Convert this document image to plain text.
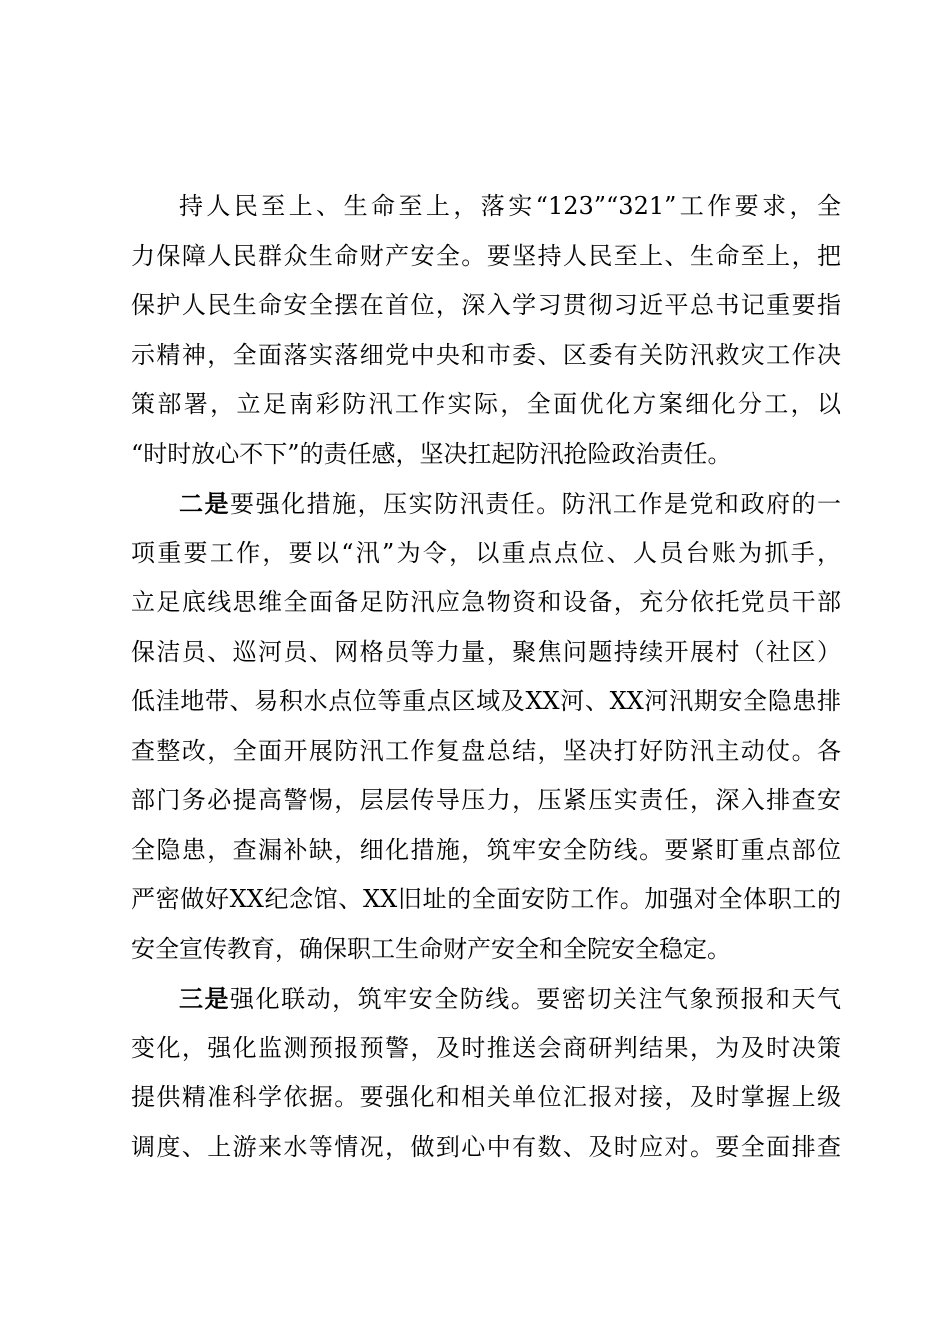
持人民至上、生命至上，落实“123”“321”工作要求，全
力保障人民群众生命财产安全。要坚持人民至上、生命至上，把
保护人民生命安全摆在首位，深入学习贯彻习近平总书记重要指
示精神，全面落实落细党中央和市委、区委有关防汛救灾工作决
策部署，立足南彩防汛工作实际，全面优化方案细化分工，以
“时时放心不下”的责任感，坚决扛起防汛抢险政治责任。
二是要强化措施，压实防汛责任。防汛工作是党和政府的一
项重要工作，要以“汛”为令，以重点点位、人员台账为抓手，
立足底线思维全面备足防汛应急物资和设备，充分依托党员干部
保洁员、巡河员、网格员等力量，聚焦问题持续开展村（社区）
低洼地带、易积水点位等重点区域及XX河、XX河汛期安全隐患排
查整改，全面开展防汛工作复盘总结，坚决打好防汛主动仗。各
部门务必提高警惕，层层传导压力，压紧压实责任，深入排查安
全隐患，查漏补缺，细化措施，筑牢安全防线。要紧盯重点部位
严密做好XX纪念馆、XX旧址的全面安防工作。加强对全体职工的
安全宣传教育，确保职工生命财产安全和全院安全稳定。
三是强化联动，筑牢安全防线。要密切关注气象预报和天气
变化，强化监测预报预警，及时推送会商研判结果，为及时决策
提供精准科学依据。要强化和相关单位汇报对接，及时掌握上级
调度、上游来水等情况，做到心中有数、及时应对。要全面排查
